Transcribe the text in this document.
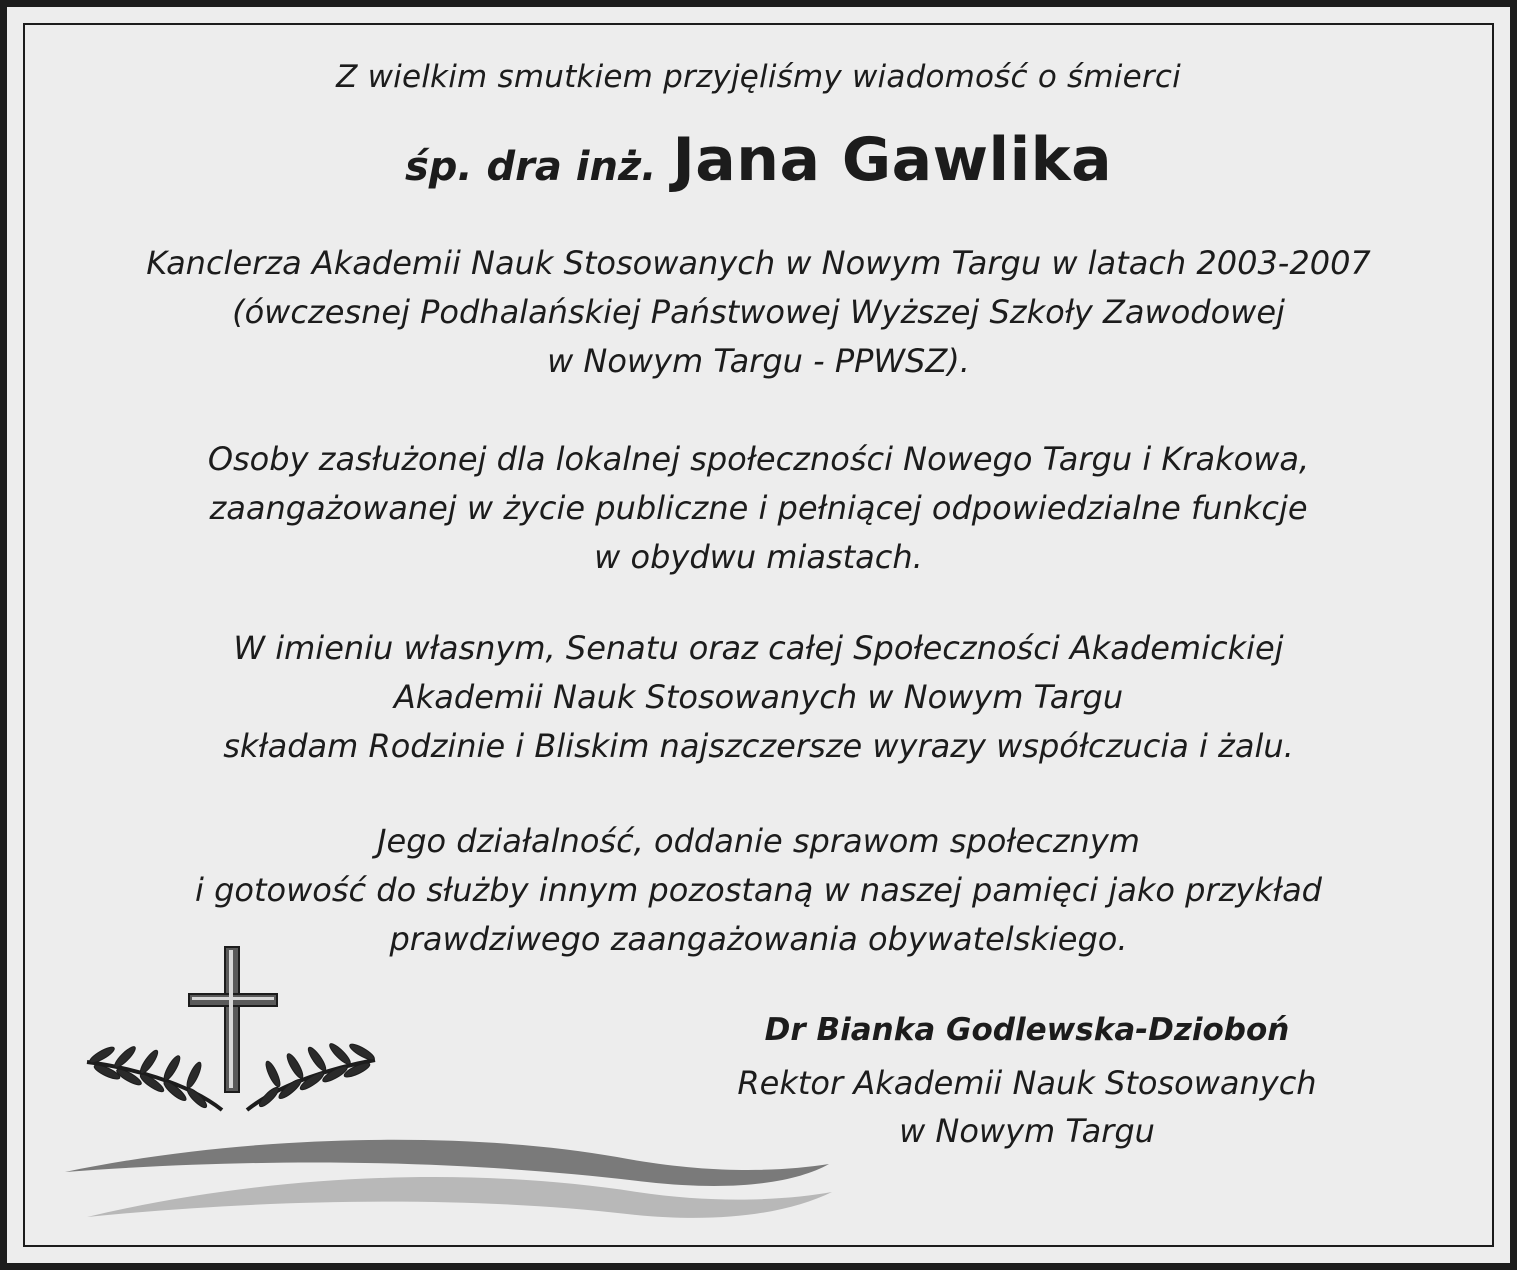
Z wielkim smutkiem przyjęliśmy wiadomość o śmierci

śp. dra inż. Jana Gawlika

Kanclerza Akademii Nauk Stosowanych w Nowym Targu w latach 2003-2007
(ówczesnej Podhalańskiej Państwowej Wyższej Szkoły Zawodowej
w Nowym Targu - PPWSZ).
Osoby zasłużonej dla lokalnej społeczności Nowego Targu i Krakowa,
zaangażowanej w życie publiczne i pełniącej odpowiedzialne funkcje
w obydwu miastach.
W imieniu własnym, Senatu oraz całej Społeczności Akademickiej
Akademii Nauk Stosowanych w Nowym Targu
składam Rodzinie i Bliskim najszczersze wyrazy współczucia i żalu.
Jego działalność, oddanie sprawom społecznym
i gotowość do służby innym pozostaną w naszej pamięci jako przykład
prawdziwego zaangażowania obywatelskiego.
Dr Bianka Godlewska-Dzioboń
Rektor Akademii Nauk Stosowanych
w Nowym Targu
